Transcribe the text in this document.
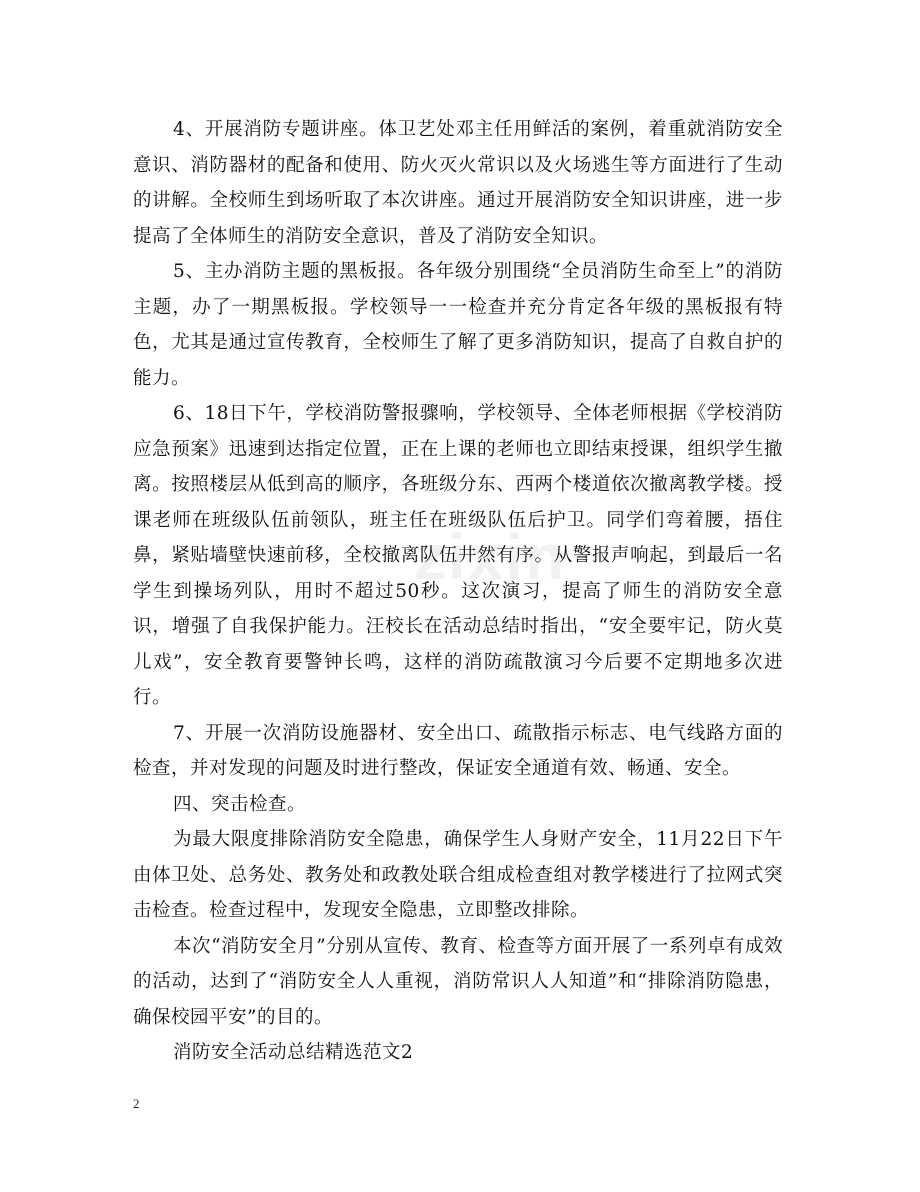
zixin

4、开展消防专题讲座。体卫艺处邓主任用鲜活的案例，着重就消防安全意识、消防器材的配备和使用、防火灭火常识以及火场逃生等方面进行了生动的讲解。全校师生到场听取了本次讲座。通过开展消防安全知识讲座，进一步提高了全体师生的消防安全意识，普及了消防安全知识。

5、主办消防主题的黑板报。各年级分别围绕“全员消防生命至上”的消防主题，办了一期黑板报。学校领导一一检查并充分肯定各年级的黑板报有特色，尤其是通过宣传教育，全校师生了解了更多消防知识，提高了自救自护的能力。

6、18日下午，学校消防警报骤响，学校领导、全体老师根据《学校消防应急预案》迅速到达指定位置，正在上课的老师也立即结束授课，组织学生撤离。按照楼层从低到高的顺序，各班级分东、西两个楼道依次撤离教学楼。授课老师在班级队伍前领队，班主任在班级队伍后护卫。同学们弯着腰，捂住鼻，紧贴墙壁快速前移，全校撤离队伍井然有序。从警报声响起，到最后一名学生到操场列队，用时不超过50秒。这次演习，提高了师生的消防安全意识，增强了自我保护能力。汪校长在活动总结时指出，“安全要牢记，防火莫儿戏”，安全教育要警钟长鸣，这样的消防疏散演习今后要不定期地多次进行。

7、开展一次消防设施器材、安全出口、疏散指示标志、电气线路方面的检查，并对发现的问题及时进行整改，保证安全通道有效、畅通、安全。

四、突击检查。

为最大限度排除消防安全隐患，确保学生人身财产安全，11月22日下午由体卫处、总务处、教务处和政教处联合组成检查组对教学楼进行了拉网式突击检查。检查过程中，发现安全隐患，立即整改排除。

本次“消防安全月”分别从宣传、教育、检查等方面开展了一系列卓有成效的活动，达到了“消防安全人人重视，消防常识人人知道”和“排除消防隐患，确保校园平安”的目的。

消防安全活动总结精选范文2

2
